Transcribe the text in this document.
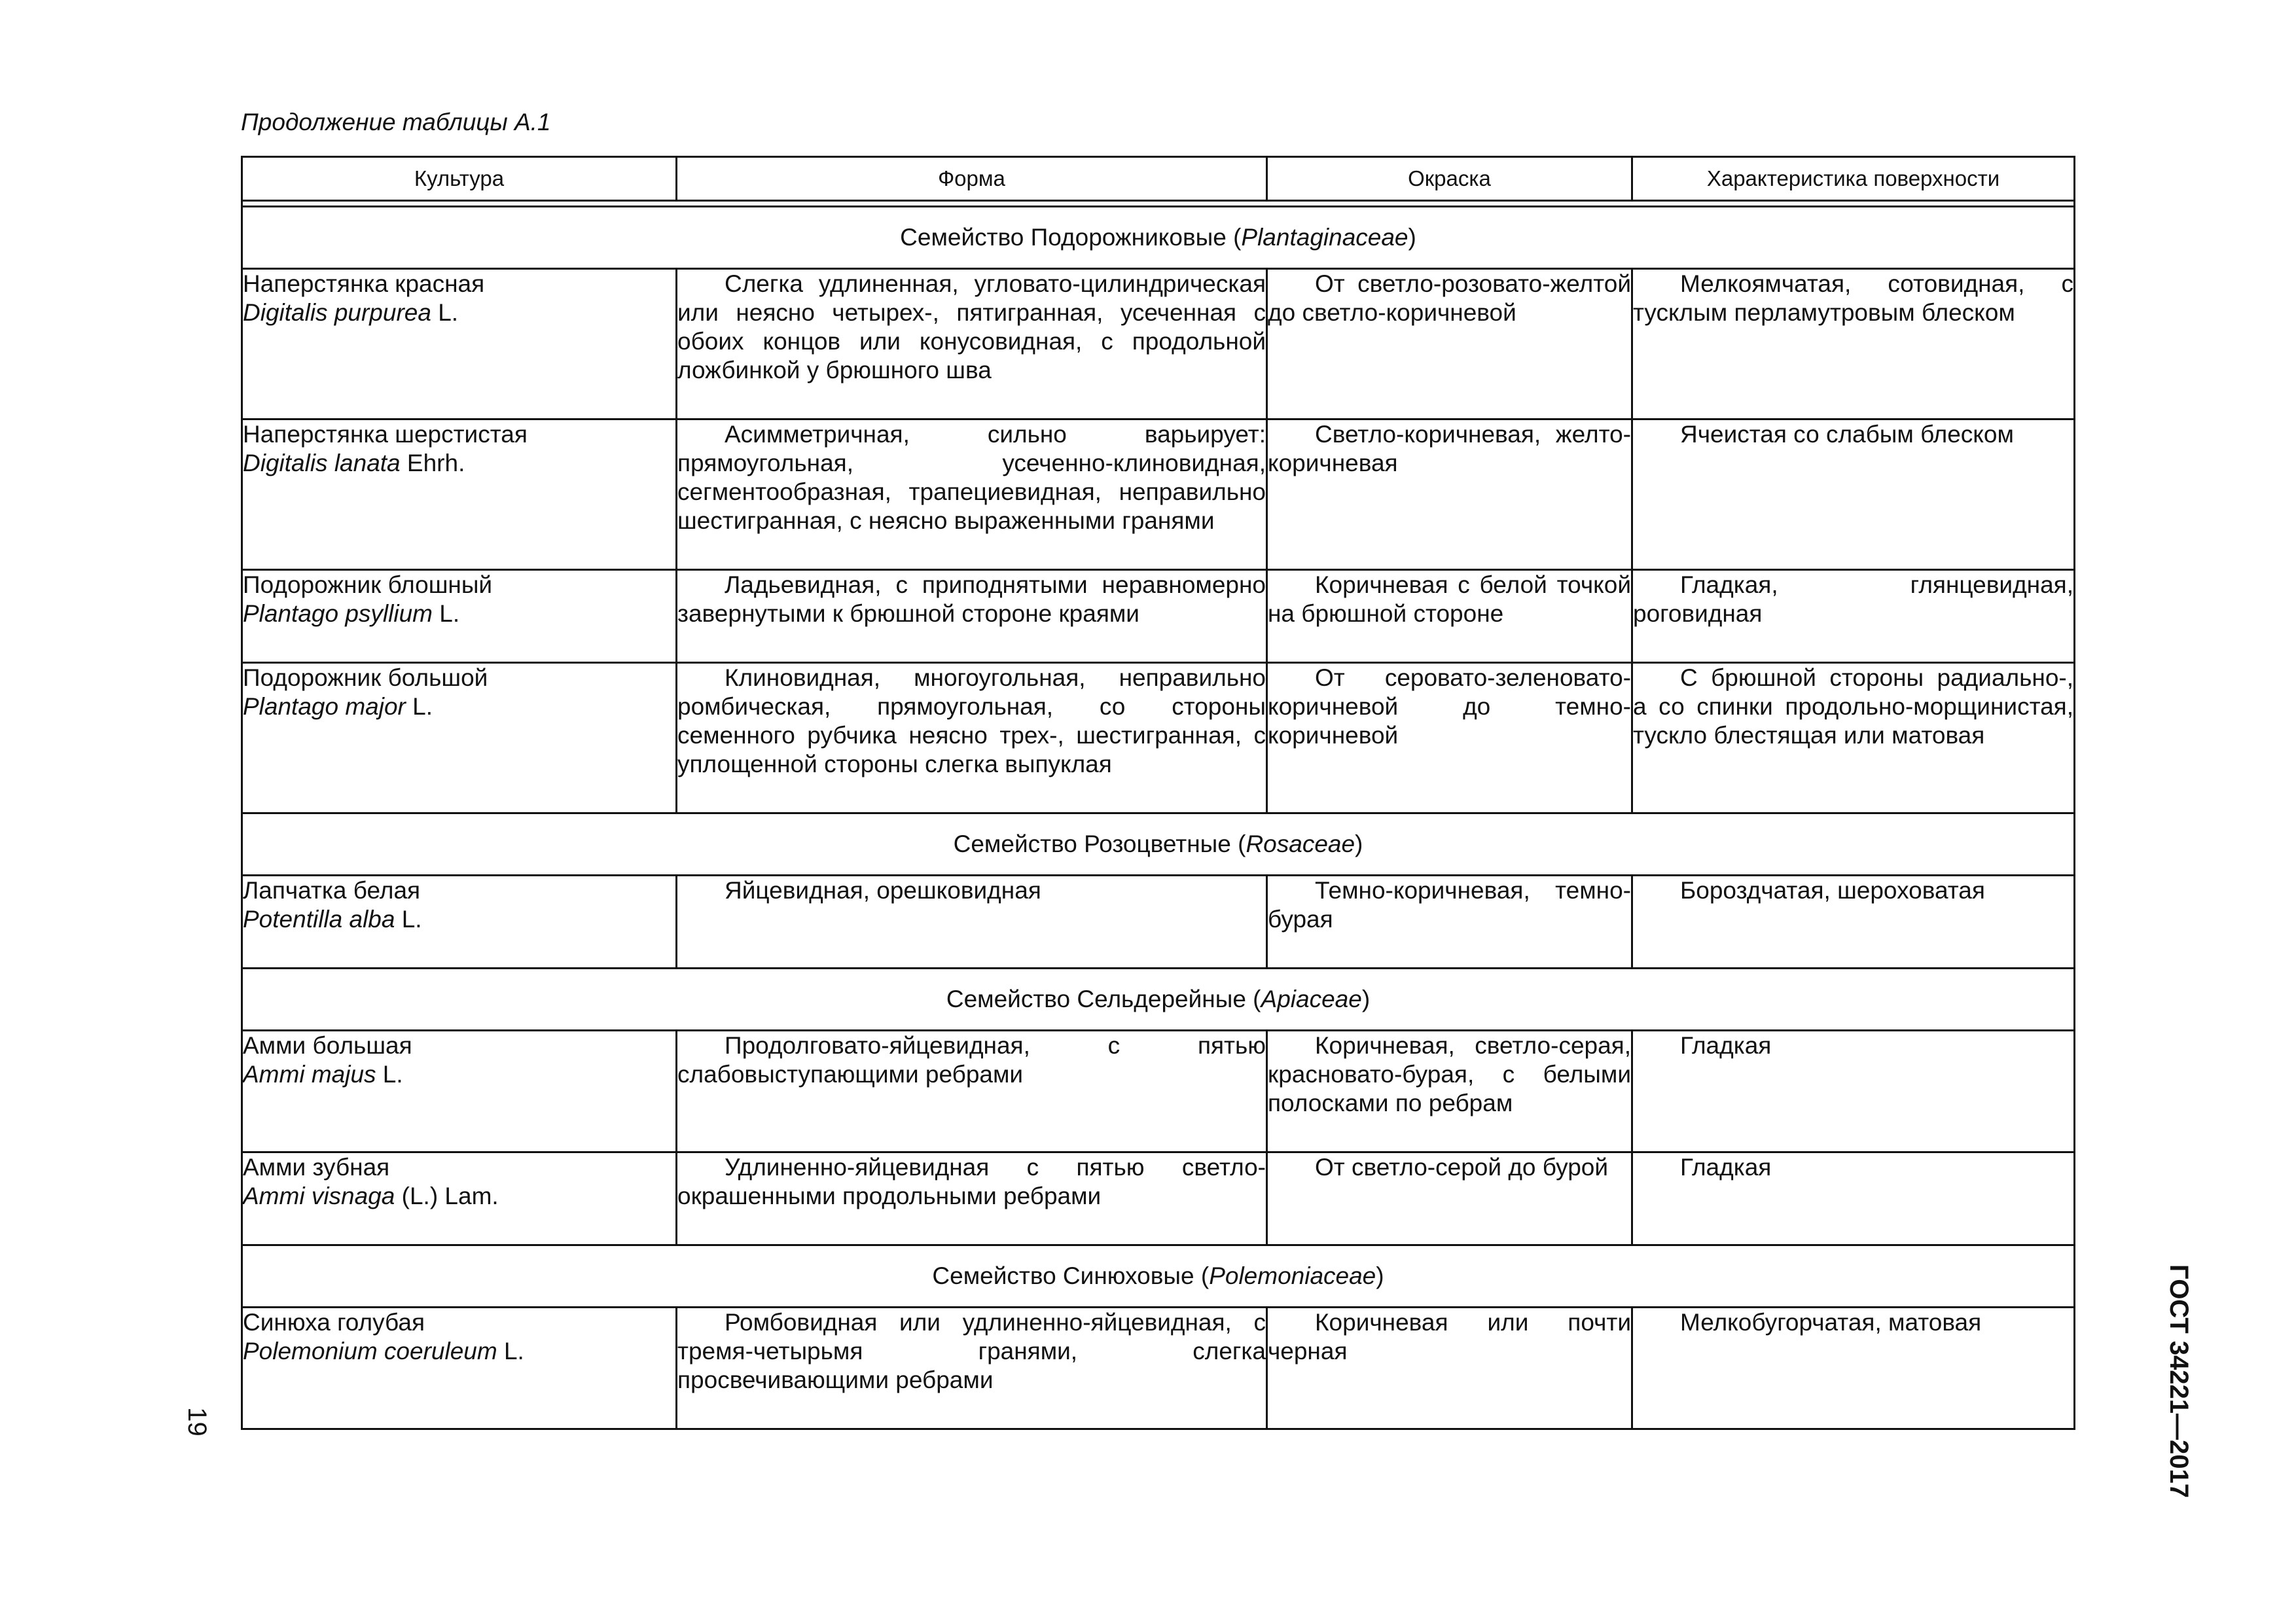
Продолжение таблицы А.1
Культура	Форма	Окраска	Характеристика поверхности

Семейство Подорожниковые (Plantaginaceae)			

Наперстянка красная
Digitalis purpurea L.	Слегка удлиненная, угловато-цилиндрическая или неясно четырех-, пятигранная, усеченная с обоих концов или конусовидная, с продольной ложбинкой у брюшного шва	От светло-розовато-желтой до светло-коричневой	Мелкоямчатая, сотовидная, с тусклым перламутровым блеском

Наперстянка шерстистая
Digitalis lanata Ehrh.	Асимметричная, сильно варьирует: прямоугольная, усеченно-клиновидная, сегментообразная, трапециевидная, неправильно шестигранная, с неясно выраженными гранями	Светло-коричневая, желто-коричневая	Ячеистая со слабым блеском

Подорожник блошный
Plantago psyllium L.	Ладьевидная, с приподнятыми неравномерно завернутыми к брюшной стороне краями	Коричневая с белой точкой на брюшной стороне	Гладкая, глянцевидная, роговидная

Подорожник большой
Plantago major L.	Клиновидная, многоугольная, неправильно ромбическая, прямоугольная, со стороны семенного рубчика неясно трех-, шестигранная, с уплощенной стороны слегка выпуклая	От серовато-зеленовато-коричневой до темно-коричневой	С брюшной стороны радиально-, а со спинки продольно-морщинистая, тускло блестящая или матовая
Семейство Розоцветные (Rosaceae)			

Лапчатка белая
Potentilla alba L.	Яйцевидная, орешковидная	Темно-коричневая, темно-бурая	Бороздчатая, шероховатая
Семейство Сельдерейные (Apiaceae)			

Амми большая
Ammi majus L.	Продолговато-яйцевидная, с пятью слабовыступающими ребрами	Коричневая, светло-серая, красновато-бурая, с белыми полосками по ребрам	Гладкая

Амми зубная
Ammi visnaga (L.) Lam.	Удлиненно-яйцевидная с пятью светло-окрашенными продольными ребрами	От светло-серой до бурой	Гладкая
Семейство Синюховые (Polemoniaceae)			

Синюха голубая
Polemonium coeruleum L.	Ромбовидная или удлиненно-яйцевидная, с тремя-четырьмя гранями, слегка просвечивающими ребрами	Коричневая или почти черная	Мелкобугорчатая, матовая
19	ГОСТ 34221—2017
